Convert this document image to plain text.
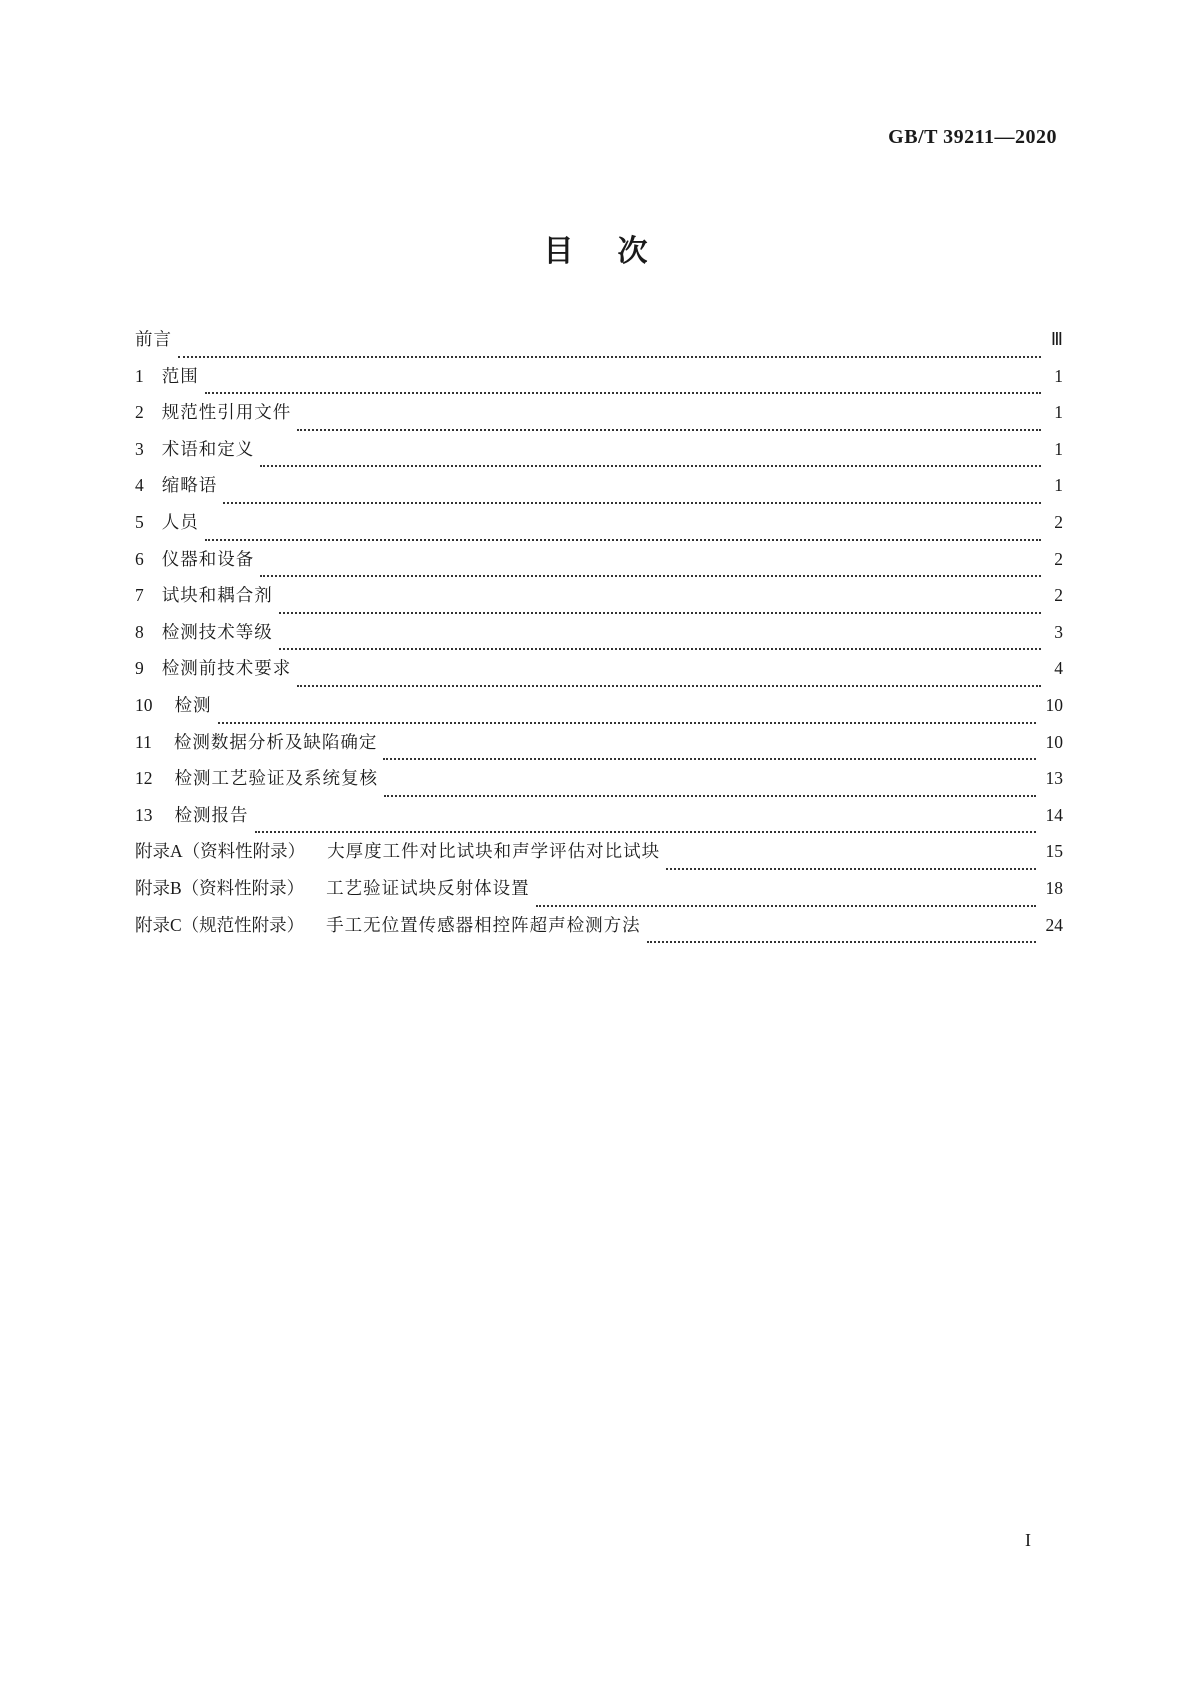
GB/T 39211—2020
目次
前言	Ⅲ
1 范围	1
2 规范性引用文件	1
3 术语和定义	1
4 缩略语	1
5 人员	2
6 仪器和设备	2
7 试块和耦合剂	2
8 检测技术等级	3
9 检测前技术要求	4
10 检测	10
11 检测数据分析及缺陷确定	10
12 检测工艺验证及系统复核	13
13 检测报告	14
附录A（资料性附录） 大厚度工件对比试块和声学评估对比试块	15
附录B（资料性附录） 工艺验证试块反射体设置	18
附录C（规范性附录） 手工无位置传感器相控阵超声检测方法	24
I
